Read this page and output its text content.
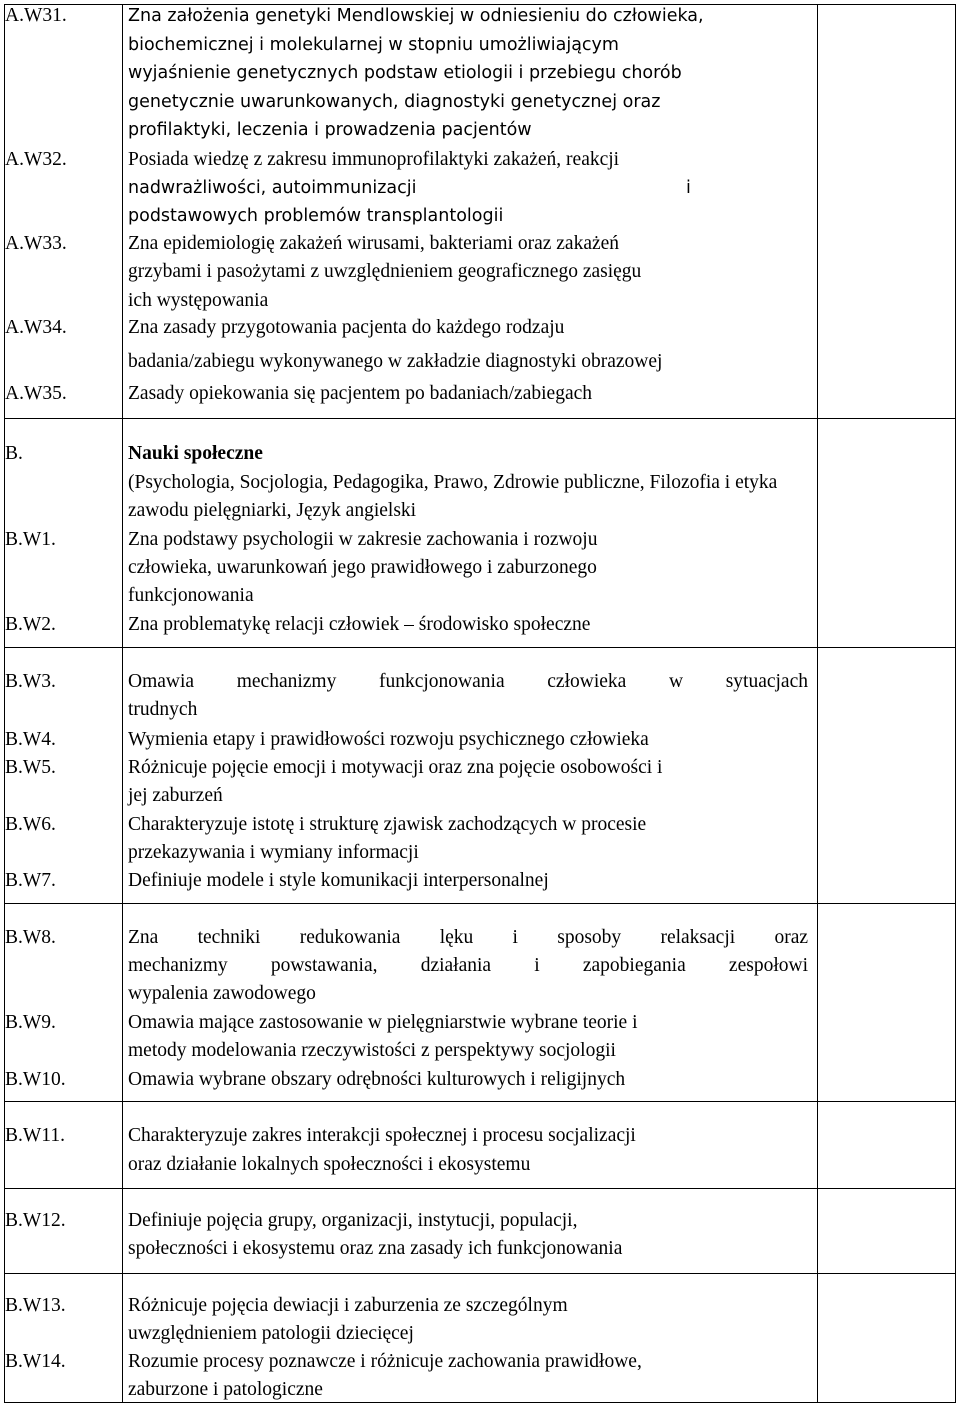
A.W31.
A.W32.
A.W33.
A.W34.
A.W35.
B.
B.W1.
B.W2.
B.W3.
B.W4.
B.W5.
B.W6.
B.W7.
B.W8.
B.W9.
B.W10.
B.W11.
B.W12.
B.W13.
B.W14.
Zna założenia genetyki Mendlowskiej w odniesieniu do człowieka,
biochemicznej i molekularnej w stopniu umożliwiającym
wyjaśnienie genetycznych podstaw etiologii i przebiegu chorób
genetycznie uwarunkowanych, diagnostyki genetycznej oraz
profilaktyki, leczenia i prowadzenia pacjentów
Posiada wiedzę z zakresu immunoprofilaktyki zakażeń, reakcji
nadwrażliwości, autoimmunizacji	i
podstawowych problemów transplantologii
Zna epidemiologię zakażeń wirusami, bakteriami oraz zakażeń
grzybami i pasożytami z uwzględnieniem geograficznego zasięgu
ich występowania
Zna zasady przygotowania pacjenta do każdego rodzaju
badania/zabiegu wykonywanego w zakładzie diagnostyki obrazowej
Zasady opiekowania się pacjentem po badaniach/zabiegach
Nauki społeczne
(Psychologia, Socjologia, Pedagogika, Prawo, Zdrowie publiczne, Filozofia i etyka
zawodu pielęgniarki, Język angielski
Zna podstawy psychologii w zakresie zachowania i rozwoju
człowieka, uwarunkowań jego prawidłowego i zaburzonego
funkcjonowania
Zna problematykę relacji człowiek – środowisko społeczne
Omawia mechanizmy funkcjonowania człowieka w sytuacjach
trudnych
Wymienia etapy i prawidłowości rozwoju psychicznego człowieka
Różnicuje pojęcie emocji i motywacji oraz zna pojęcie osobowości i
jej zaburzeń
Charakteryzuje istotę i strukturę zjawisk zachodzących w procesie
przekazywania i wymiany informacji
Definiuje modele i style komunikacji interpersonalnej
Zna techniki redukowania lęku i sposoby relaksacji oraz
mechanizmy powstawania, działania i zapobiegania zespołowi
wypalenia zawodowego
Omawia mające zastosowanie w pielęgniarstwie wybrane teorie i
metody modelowania rzeczywistości z perspektywy socjologii
Omawia wybrane obszary odrębności kulturowych i religijnych
Charakteryzuje zakres interakcji społecznej i procesu socjalizacji
oraz działanie lokalnych społeczności i ekosystemu
Definiuje pojęcia grupy, organizacji, instytucji, populacji,
społeczności i ekosystemu oraz zna zasady ich funkcjonowania
Różnicuje pojęcia dewiacji i zaburzenia ze szczególnym
uwzględnieniem patologii dziecięcej
Rozumie procesy poznawcze i różnicuje zachowania prawidłowe,
zaburzone i patologiczne
